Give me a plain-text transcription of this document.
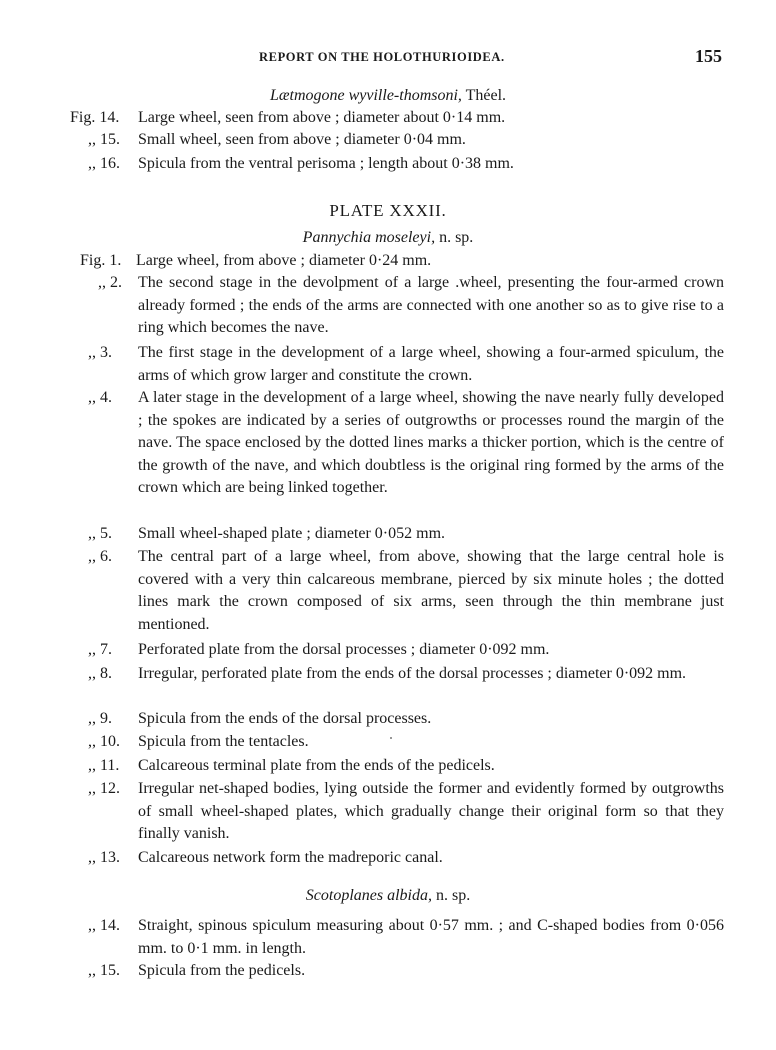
REPORT ON THE HOLOTHURIOIDEA.	155
Lætmogone wyville-thomsoni, Théel.
Fig. 14. Large wheel, seen from above ; diameter about 0·14 mm.
,, 15. Small wheel, seen from above ; diameter 0·04 mm.
,, 16. Spicula from the ventral perisoma ; length about 0·38 mm.
PLATE XXXII.
Pannychia moseleyi, n. sp.
Fig. 1. Large wheel, from above ; diameter 0·24 mm.
,, 2. The second stage in the devolpment of a large .wheel, presenting the four-armed crown already formed ; the ends of the arms are connected with one another so as to give rise to a ring which becomes the nave.
,, 3. The first stage in the development of a large wheel, showing a four-armed spiculum, the arms of which grow larger and constitute the crown.
,, 4. A later stage in the development of a large wheel, showing the nave nearly fully developed ; the spokes are indicated by a series of outgrowths or processes round the margin of the nave. The space enclosed by the dotted lines marks a thicker portion, which is the centre of the growth of the nave, and which doubtless is the original ring formed by the arms of the crown which are being linked together.
,, 5. Small wheel-shaped plate ; diameter 0·052 mm.
,, 6. The central part of a large wheel, from above, showing that the large central hole is covered with a very thin calcareous membrane, pierced by six minute holes ; the dotted lines mark the crown composed of six arms, seen through the thin membrane just mentioned.
,, 7. Perforated plate from the dorsal processes ; diameter 0·092 mm.
,, 8. Irregular, perforated plate from the ends of the dorsal processes ; diameter 0·092 mm.
,, 9. Spicula from the ends of the dorsal processes.
,, 10. Spicula from the tentacles.
,, 11. Calcareous terminal plate from the ends of the pedicels.
,, 12. Irregular net-shaped bodies, lying outside the former and evidently formed by outgrowths of small wheel-shaped plates, which gradually change their original form so that they finally vanish.
,, 13. Calcareous network form the madreporic canal.
Scotoplanes albida, n. sp.
,, 14. Straight, spinous spiculum measuring about 0·57 mm. ; and C-shaped bodies from 0·056 mm. to 0·1 mm. in length.
,, 15. Spicula from the pedicels.
